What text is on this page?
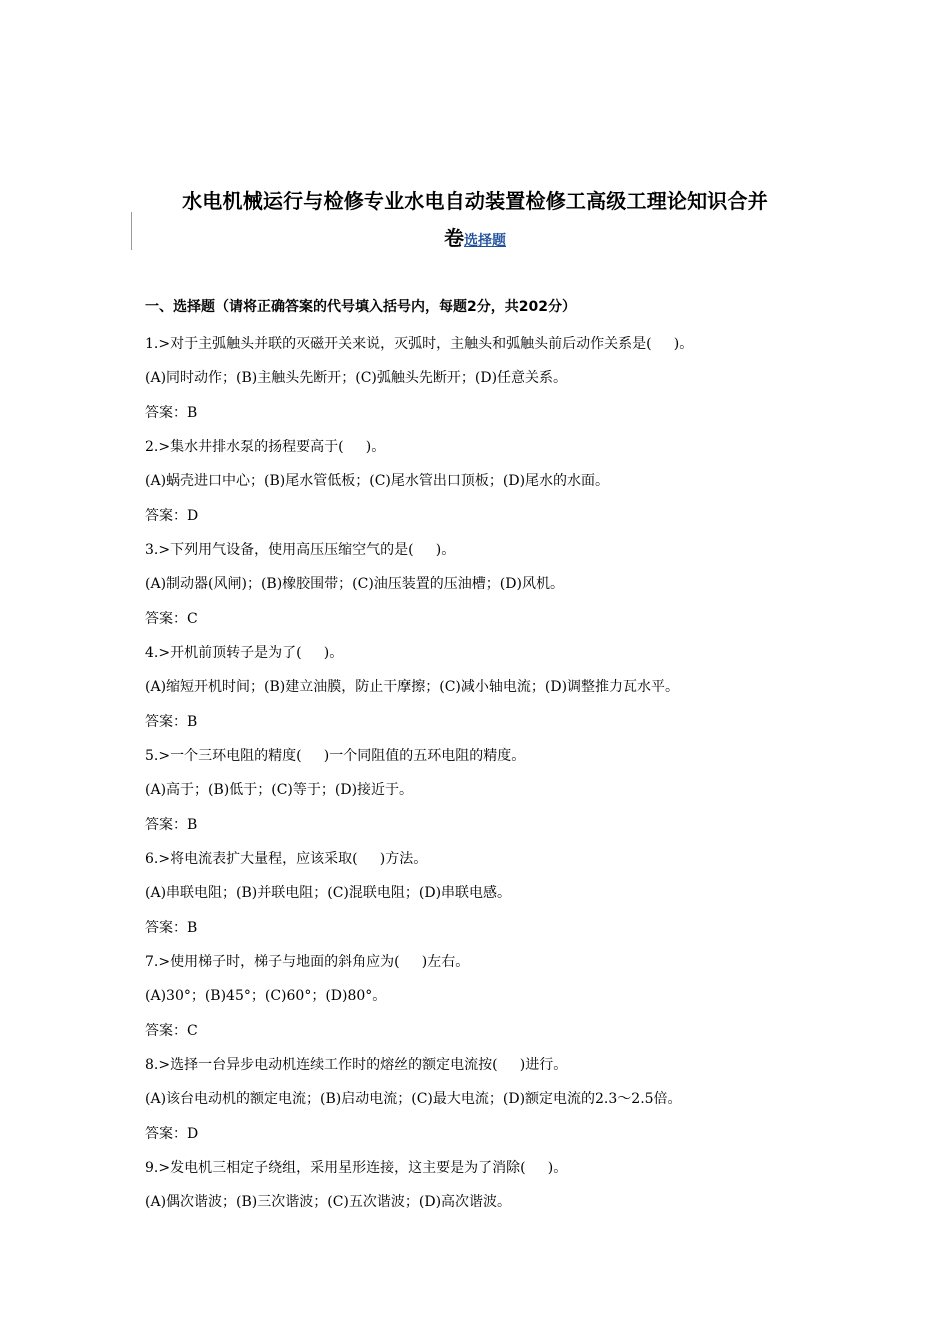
水电机械运行与检修专业水电自动装置检修工高级工理论知识合并
卷选择题
一、选择题（请将正确答案的代号填入括号内，每题2分，共202分）
1.>对于主弧触头并联的灭磁开关来说，灭弧时，主触头和弧触头前后动作关系是(     )。
(A)同时动作；(B)主触头先断开；(C)弧触头先断开；(D)任意关系。
答案：B
2.>集水井排水泵的扬程要高于(     )。
(A)蜗壳进口中心；(B)尾水管低板；(C)尾水管出口顶板；(D)尾水的水面。
答案：D
3.>下列用气设备，使用高压压缩空气的是(     )。
(A)制动器(风闸)；(B)橡胶围带；(C)油压装置的压油槽；(D)风机。
答案：C
4.>开机前顶转子是为了(     )。
(A)缩短开机时间；(B)建立油膜，防止干摩擦；(C)减小轴电流；(D)调整推力瓦水平。
答案：B
5.>一个三环电阻的精度(     )一个同阻值的五环电阻的精度。
(A)高于；(B)低于；(C)等于；(D)接近于。
答案：B
6.>将电流表扩大量程，应该采取(     )方法。
(A)串联电阻；(B)并联电阻；(C)混联电阻；(D)串联电感。
答案：B
7.>使用梯子时，梯子与地面的斜角应为(     )左右。
(A)30°；(B)45°；(C)60°；(D)80°。
答案：C
8.>选择一台异步电动机连续工作时的熔丝的额定电流按(     )进行。
(A)该台电动机的额定电流；(B)启动电流；(C)最大电流；(D)额定电流的2.3～2.5倍。
答案：D
9.>发电机三相定子绕组，采用星形连接，这主要是为了消除(     )。
(A)偶次谐波；(B)三次谐波；(C)五次谐波；(D)高次谐波。
